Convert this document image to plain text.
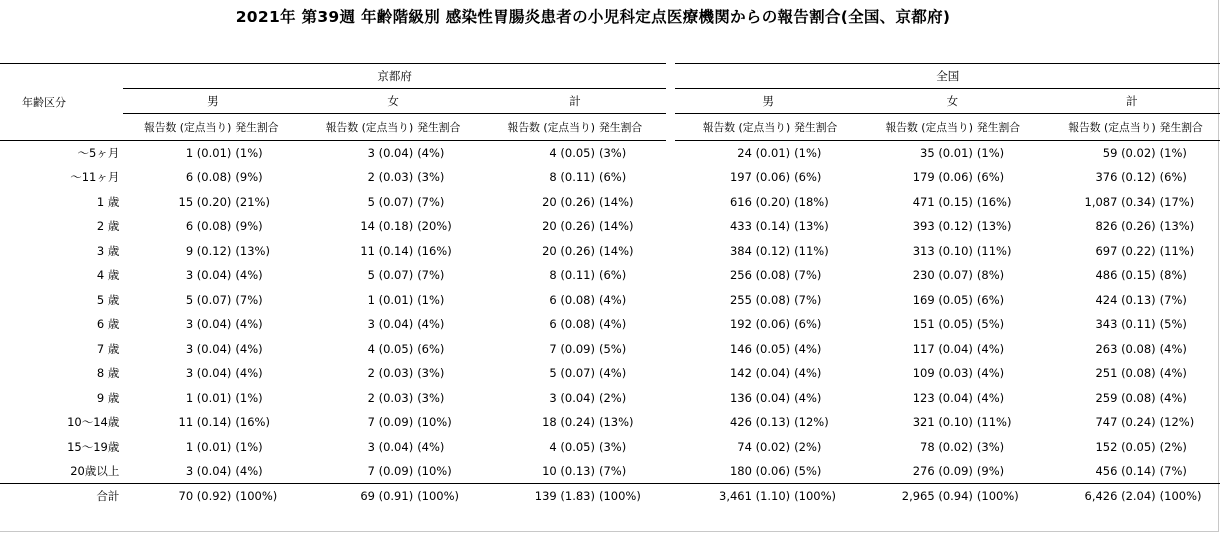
2021年 第39週 年齢階級別 感染性胃腸炎患者の小児科定点医療機関からの報告割合(全国、京都府)
年齢区分	京都府							全国					
	男		女		計			男		女		計	
	報告数 (定点当り)	発生割合	報告数 (定点当り)	発生割合	報告数 (定点当り)	発生割合		報告数 (定点当り)	発生割合	報告数 (定点当り)	発生割合	報告数 (定点当り)	発生割合
～5ヶ月	1 (0.01)	(1%)	3 (0.04)	(4%)	4 (0.05)	(3%)		24 (0.01)	(1%)	35 (0.01)	(1%)	59 (0.02)	(1%)
～11ヶ月	6 (0.08)	(9%)	2 (0.03)	(3%)	8 (0.11)	(6%)		197 (0.06)	(6%)	179 (0.06)	(6%)	376 (0.12)	(6%)
1 歳	15 (0.20)	(21%)	5 (0.07)	(7%)	20 (0.26)	(14%)		616 (0.20)	(18%)	471 (0.15)	(16%)	1,087 (0.34)	(17%)
2 歳	6 (0.08)	(9%)	14 (0.18)	(20%)	20 (0.26)	(14%)		433 (0.14)	(13%)	393 (0.12)	(13%)	826 (0.26)	(13%)
3 歳	9 (0.12)	(13%)	11 (0.14)	(16%)	20 (0.26)	(14%)		384 (0.12)	(11%)	313 (0.10)	(11%)	697 (0.22)	(11%)
4 歳	3 (0.04)	(4%)	5 (0.07)	(7%)	8 (0.11)	(6%)		256 (0.08)	(7%)	230 (0.07)	(8%)	486 (0.15)	(8%)
5 歳	5 (0.07)	(7%)	1 (0.01)	(1%)	6 (0.08)	(4%)		255 (0.08)	(7%)	169 (0.05)	(6%)	424 (0.13)	(7%)
6 歳	3 (0.04)	(4%)	3 (0.04)	(4%)	6 (0.08)	(4%)		192 (0.06)	(6%)	151 (0.05)	(5%)	343 (0.11)	(5%)
7 歳	3 (0.04)	(4%)	4 (0.05)	(6%)	7 (0.09)	(5%)		146 (0.05)	(4%)	117 (0.04)	(4%)	263 (0.08)	(4%)
8 歳	3 (0.04)	(4%)	2 (0.03)	(3%)	5 (0.07)	(4%)		142 (0.04)	(4%)	109 (0.03)	(4%)	251 (0.08)	(4%)
9 歳	1 (0.01)	(1%)	2 (0.03)	(3%)	3 (0.04)	(2%)		136 (0.04)	(4%)	123 (0.04)	(4%)	259 (0.08)	(4%)
10～14歳	11 (0.14)	(16%)	7 (0.09)	(10%)	18 (0.24)	(13%)		426 (0.13)	(12%)	321 (0.10)	(11%)	747 (0.24)	(12%)
15～19歳	1 (0.01)	(1%)	3 (0.04)	(4%)	4 (0.05)	(3%)		74 (0.02)	(2%)	78 (0.02)	(3%)	152 (0.05)	(2%)
20歳以上	3 (0.04)	(4%)	7 (0.09)	(10%)	10 (0.13)	(7%)		180 (0.06)	(5%)	276 (0.09)	(9%)	456 (0.14)	(7%)
合計	70 (0.92)	(100%)	69 (0.91)	(100%)	139 (1.83)	(100%)		3,461 (1.10)	(100%)	2,965 (0.94)	(100%)	6,426 (2.04)	(100%)
